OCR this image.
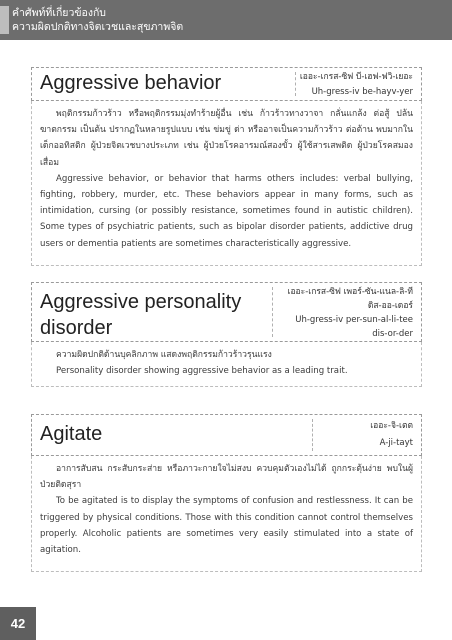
คำศัพท์ที่เกี่ยวข้องกับ
ความผิดปกติทางจิตเวชและสุขภาพจิต
Aggressive behavior	เออะ-เกรส-ซิฟ บี-เฮฟ-ฟวิ-เยอะ
Uh-gress-iv be-hayv-yer

พฤติกรรมก้าวร้าว หรือพฤติกรรมมุ่งทำร้ายผู้อื่น เช่น ก้าวร้าวทางวาจา กลั่นแกล้ง ต่อสู้ ปล้น ฆาตกรรม เป็นต้น ปรากฏในหลายรูปแบบ เช่น ข่มขู่ ด่า หรืออาจเป็นความก้าวร้าว ต่อต้าน พบมากในเด็กออทิสติก ผู้ป่วยจิตเวชบางประเภท เช่น ผู้ป่วยโรคอารมณ์สองขั้ว ผู้ใช้สารเสพติด ผู้ป่วยโรคสมองเสื่อม

Aggressive behavior, or behavior that harms others includes: verbal bullying, fighting, robbery, murder, etc. These behaviors appear in many forms, such as intimidation, cursing (or possibly resistance, sometimes found in autistic children). Some types of psychiatric patients, such as bipolar disorder patients, addictive drug users or dementia patients are sometimes characteristically aggressive.

Aggressive personality
disorder
เออะ-เกรส-ซิฟ เพอร์-ซัน-แนล-ลิ-ที
ดิส-ออ-เดอร์
Uh-gress-iv per-sun-al-li-tee
dis-or-der

ความผิดปกติด้านบุคลิกภาพ แสดงพฤติกรรมก้าวร้าวรุนแรง

Personality disorder showing aggressive behavior as a leading trait.

Agitate	เออะ-จิ-เตต
A-ji-tayt

อาการสับสน กระสับกระส่าย หรือภาวะกายใจไม่สงบ ควบคุมตัวเองไม่ได้ ถูกกระตุ้นง่าย พบในผู้ป่วยติดสุรา

To be agitated is to display the symptoms of confusion and restlessness. It can be triggered by physical conditions. Those with this condition cannot control themselves properly. Alcoholic patients are sometimes very easily stimulated into a state of agitation.

42
